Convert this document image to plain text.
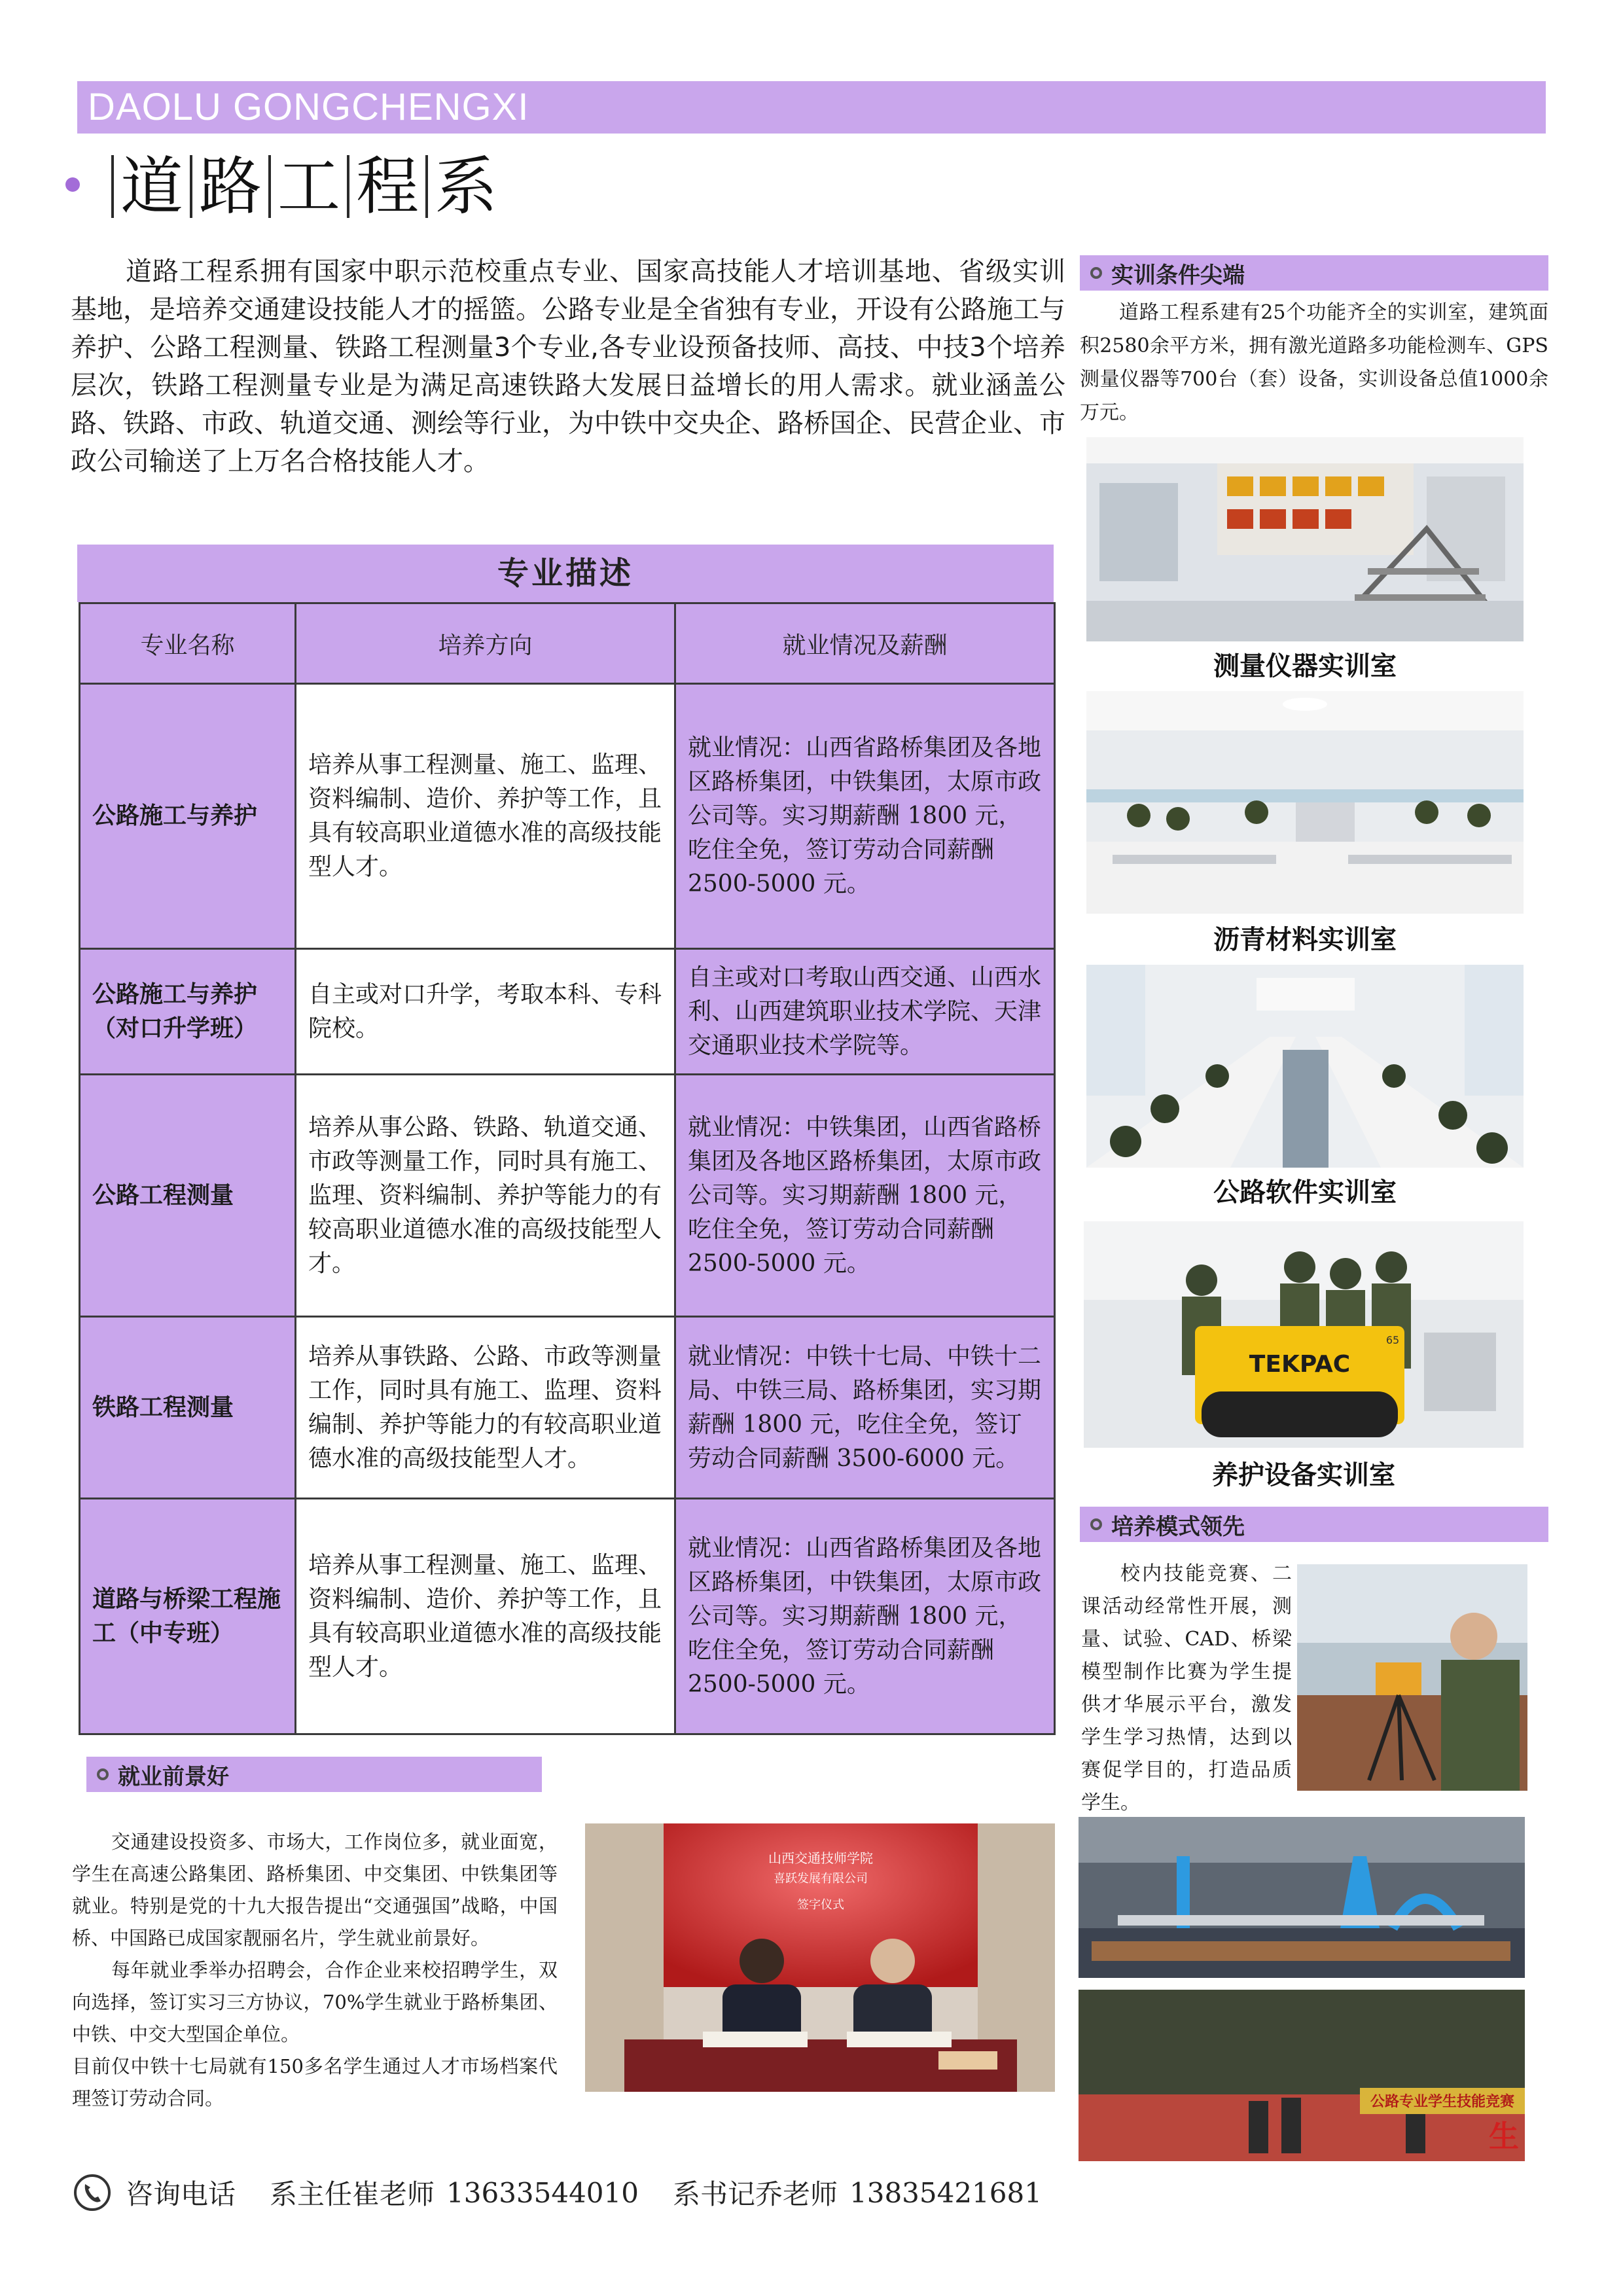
DAOLU GONGCHENGXI
道 路 工 程 系

道路工程系拥有国家中职示范校重点专业、国家高技能人才培训基地、省级实训基地，是培养交通建设技能人才的摇篮。公路专业是全省独有专业，开设有公路施工与养护、公路工程测量、铁路工程测量3个专业,各专业设预备技师、高技、中技3个培养层次，铁路工程测量专业是为满足高速铁路大发展日益增长的用人需求。就业涵盖公路、铁路、市政、轨道交通、测绘等行业，为中铁中交央企、路桥国企、民营企业、市政公司输送了上万名合格技能人才。

专业描述
专业名称	培养方向	就业情况及薪酬
公路施工与养护	培养从事工程测量、施工、监理、资料编制、造价、养护等工作，且具有较高职业道德水准的高级技能型人才。	就业情况：山西省路桥集团及各地区路桥集团，中铁集团，太原市政公司等。实习期薪酬 1800 元，吃住全免，签订劳动合同薪酬 2500-5000 元。
公路施工与养护（对口升学班）	自主或对口升学，考取本科、专科院校。	自主或对口考取山西交通、山西水利、山西建筑职业技术学院、天津交通职业技术学院等。
公路工程测量	培养从事公路、铁路、轨道交通、市政等测量工作，同时具有施工、监理、资料编制、养护等能力的有较高职业道德水准的高级技能型人才。	就业情况：中铁集团，山西省路桥集团及各地区路桥集团，太原市政公司等。实习期薪酬 1800 元，吃住全免，签订劳动合同薪酬 2500-5000 元。
铁路工程测量	培养从事铁路、公路、市政等测量工作，同时具有施工、监理、资料编制、养护等能力的有较高职业道德水准的高级技能型人才。	就业情况：中铁十七局、中铁十二局、中铁三局、路桥集团，实习期薪酬 1800 元，吃住全免，签订劳动合同薪酬 3500-6000 元。
道路与桥梁工程施工（中专班）	培养从事工程测量、施工、监理、资料编制、造价、养护等工作，且具有较高职业道德水准的高级技能型人才。	就业情况：山西省路桥集团及各地区路桥集团，中铁集团，太原市政公司等。实习期薪酬 1800 元，吃住全免，签订劳动合同薪酬 2500-5000 元。
就业前景好

交通建设投资多、市场大，工作岗位多，就业面宽，学生在高速公路集团、路桥集团、中交集团、中铁集团等就业。特别是党的十九大报告提出“交通强国”战略，中国桥、中国路已成国家靓丽名片，学生就业前景好。

每年就业季举办招聘会，合作企业来校招聘学生，双向选择，签订实习三方协议，70%学生就业于路桥集团、中铁、中交大型国企单位。

目前仅中铁十七局就有150多名学生通过人才市场档案代理签订劳动合同。

山西交通技师学院
喜跃发展有限公司
签字仪式
实训条件尖端

道路工程系建有25个功能齐全的实训室，建筑面积2580余平方米，拥有激光道路多功能检测车、GPS测量仪器等700台（套）设备，实训设备总值1000余万元。

测量仪器实训室
沥青材料实训室
公路软件实训室
TEKPAC
65
养护设备实训室
培养模式领先

校内技能竞赛、二课活动经常性开展，测量、试验、CAD、桥梁模型制作比赛为学生提供才华展示平台，激发学生学习热情，达到以赛促学目的，打造品质学生。

公路专业学生技能竞赛
生
咨询电话 系主任崔老师 13633544010 系书记乔老师 13835421681
